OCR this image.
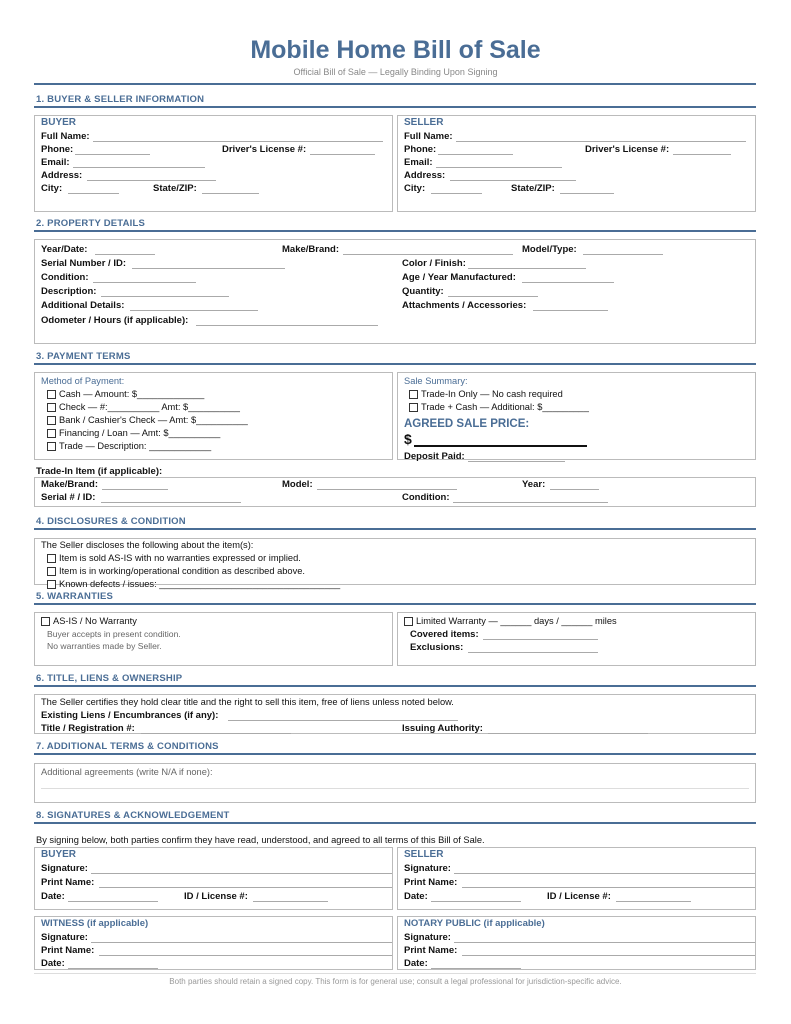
Mobile Home Bill of Sale
Official Bill of Sale — Legally Binding Upon Signing
1. BUYER & SELLER INFORMATION
BUYER
Full Name:
Phone:	Driver's License #:
Email:
Address:
City:	State/ZIP:
SELLER
Full Name:
Phone:	Driver's License #:
Email:
Address:
City:	State/ZIP:
2. PROPERTY DETAILS
Year/Date:	Make/Brand:	Model/Type:
Serial Number / ID:	Color / Finish:
Condition:	Age / Year Manufactured:
Description:	Quantity:
Additional Details:	Attachments / Accessories:
Odometer / Hours (if applicable):
3. PAYMENT TERMS
Method of Payment:
Cash — Amount: $_____________
Check — #:__________ Amt: $__________
Bank / Cashier's Check — Amt: $__________
Financing / Loan — Amt: $__________
Trade — Description: ____________
Sale Summary:
Trade-In Only — No cash required
Trade + Cash — Additional: $_________
AGREED SALE PRICE:
$
Deposit Paid:
Trade-In Item (if applicable):
Make/Brand:	Model:	Year:
Serial # / ID:	Condition:
4. DISCLOSURES & CONDITION
The Seller discloses the following about the item(s):
Item is sold AS-IS with no warranties expressed or implied.
Item is in working/operational condition as described above.
Known defects / issues: ___________________________________
5. WARRANTIES
AS-IS / No Warranty
Buyer accepts in present condition.
No warranties made by Seller.
Limited Warranty — ______ days / ______ miles
Covered items:
Exclusions:
6. TITLE, LIENS & OWNERSHIP
The Seller certifies they hold clear title and the right to sell this item, free of liens unless noted below.
Existing Liens / Encumbrances (if any):
Title / Registration #:	Issuing Authority:
7. ADDITIONAL TERMS & CONDITIONS
Additional agreements (write N/A if none):
8. SIGNATURES & ACKNOWLEDGEMENT
By signing below, both parties confirm they have read, understood, and agreed to all terms of this Bill of Sale.
BUYER
Signature:
Print Name:
Date:	ID / License #:
SELLER
Signature:
Print Name:
Date:	ID / License #:
WITNESS (if applicable)
Signature:
Print Name:
Date:
NOTARY PUBLIC (if applicable)
Signature:
Print Name:
Date:
Both parties should retain a signed copy. This form is for general use; consult a legal professional for jurisdiction-specific advice.
